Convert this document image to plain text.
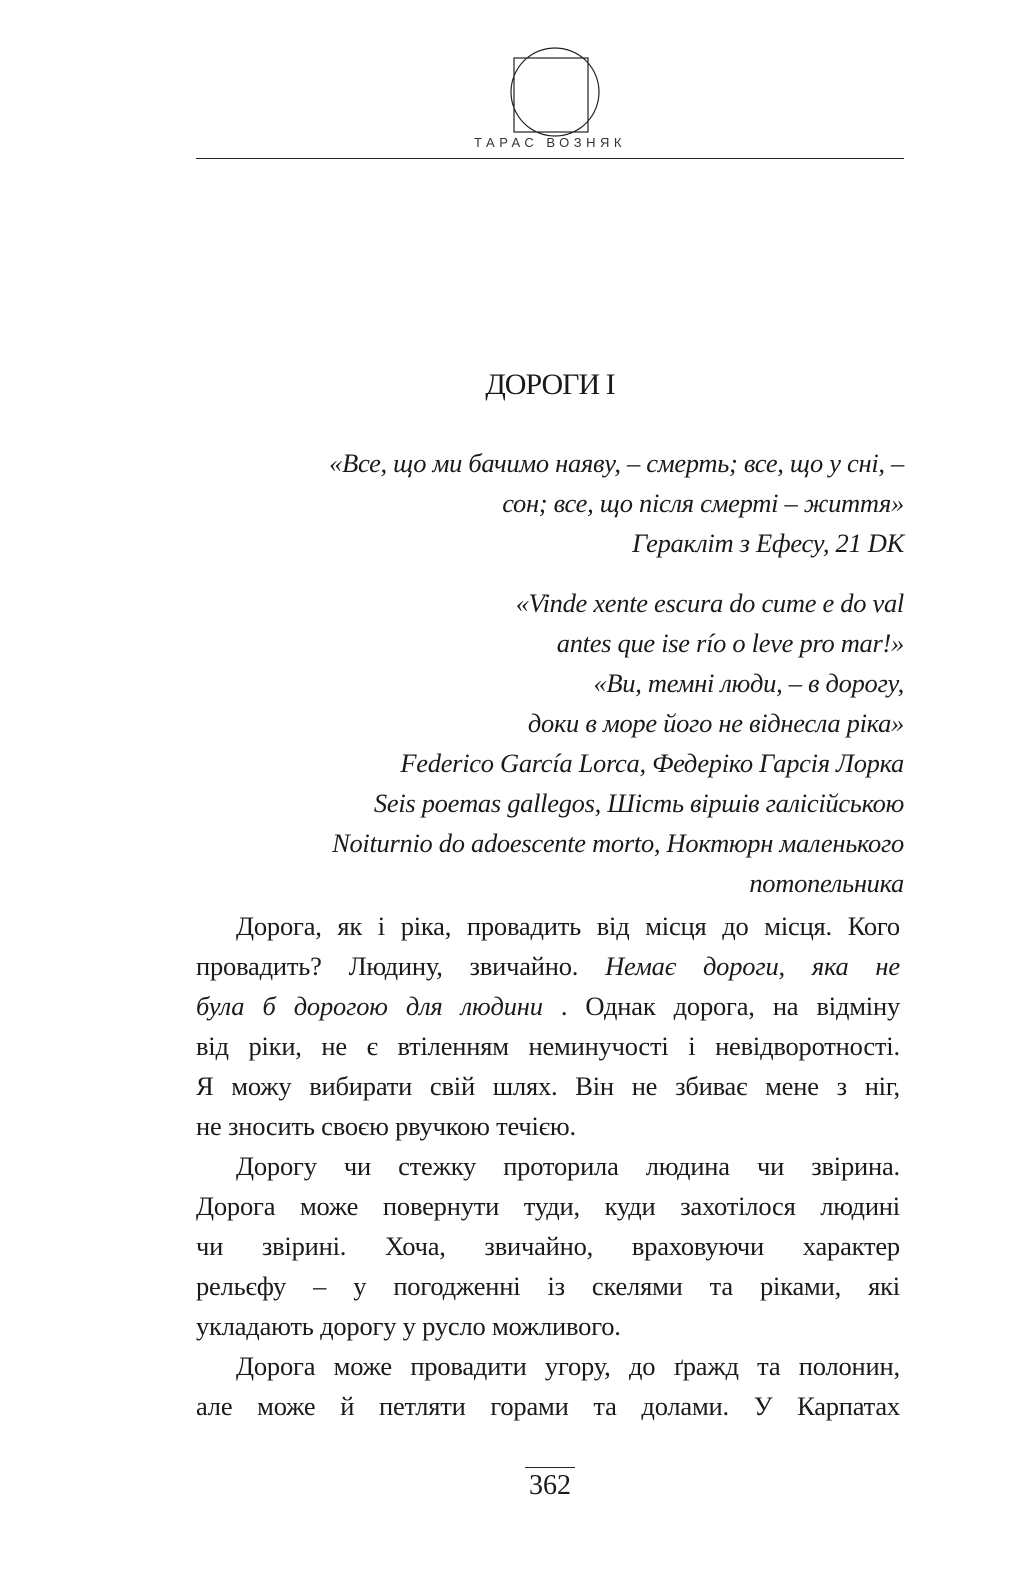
ТАРАС ВОЗНЯК
ДОРОГИ І
«Все, що ми бачимо наяву, – смерть; все, що у сні, –
сон; все, що після смерті – життя»
Геракліт з Ефесу, 21 DK
«Vinde xente escura do cume e do val
antes que ise río o leve pro mar!»
«Ви, темні люди, – в дорогу,
доки в море його не віднесла ріка»
Federico García Lorca, Федеріко Гарсія Лорка
Seis poemas gallegos, Шість віршів галісійською
Noiturnio do adoescente morto, Ноктюрн маленького
потопельника
Дорога, як і ріка, провадить від місця до місця. Кого
провадить? Людину, звичайно. Немає дороги, яка не
була б дорогою для людини . Однак дорога, на відміну
від ріки, не є втіленням неминучості і невідворотності.
Я можу вибирати свій шлях. Він не збиває мене з ніг,
не зносить своєю рвучкою течією.
Дорогу чи стежку проторила людина чи звірина.
Дорога може повернути туди, куди захотілося людині
чи звірині. Хоча, звичайно, враховуючи характер
рельєфу – у погодженні із скелями та ріками, які
укладають дорогу у русло можливого.
Дорога може провадити угору, до ґражд та полонин,
але може й петляти горами та долами. У Карпатах
362
